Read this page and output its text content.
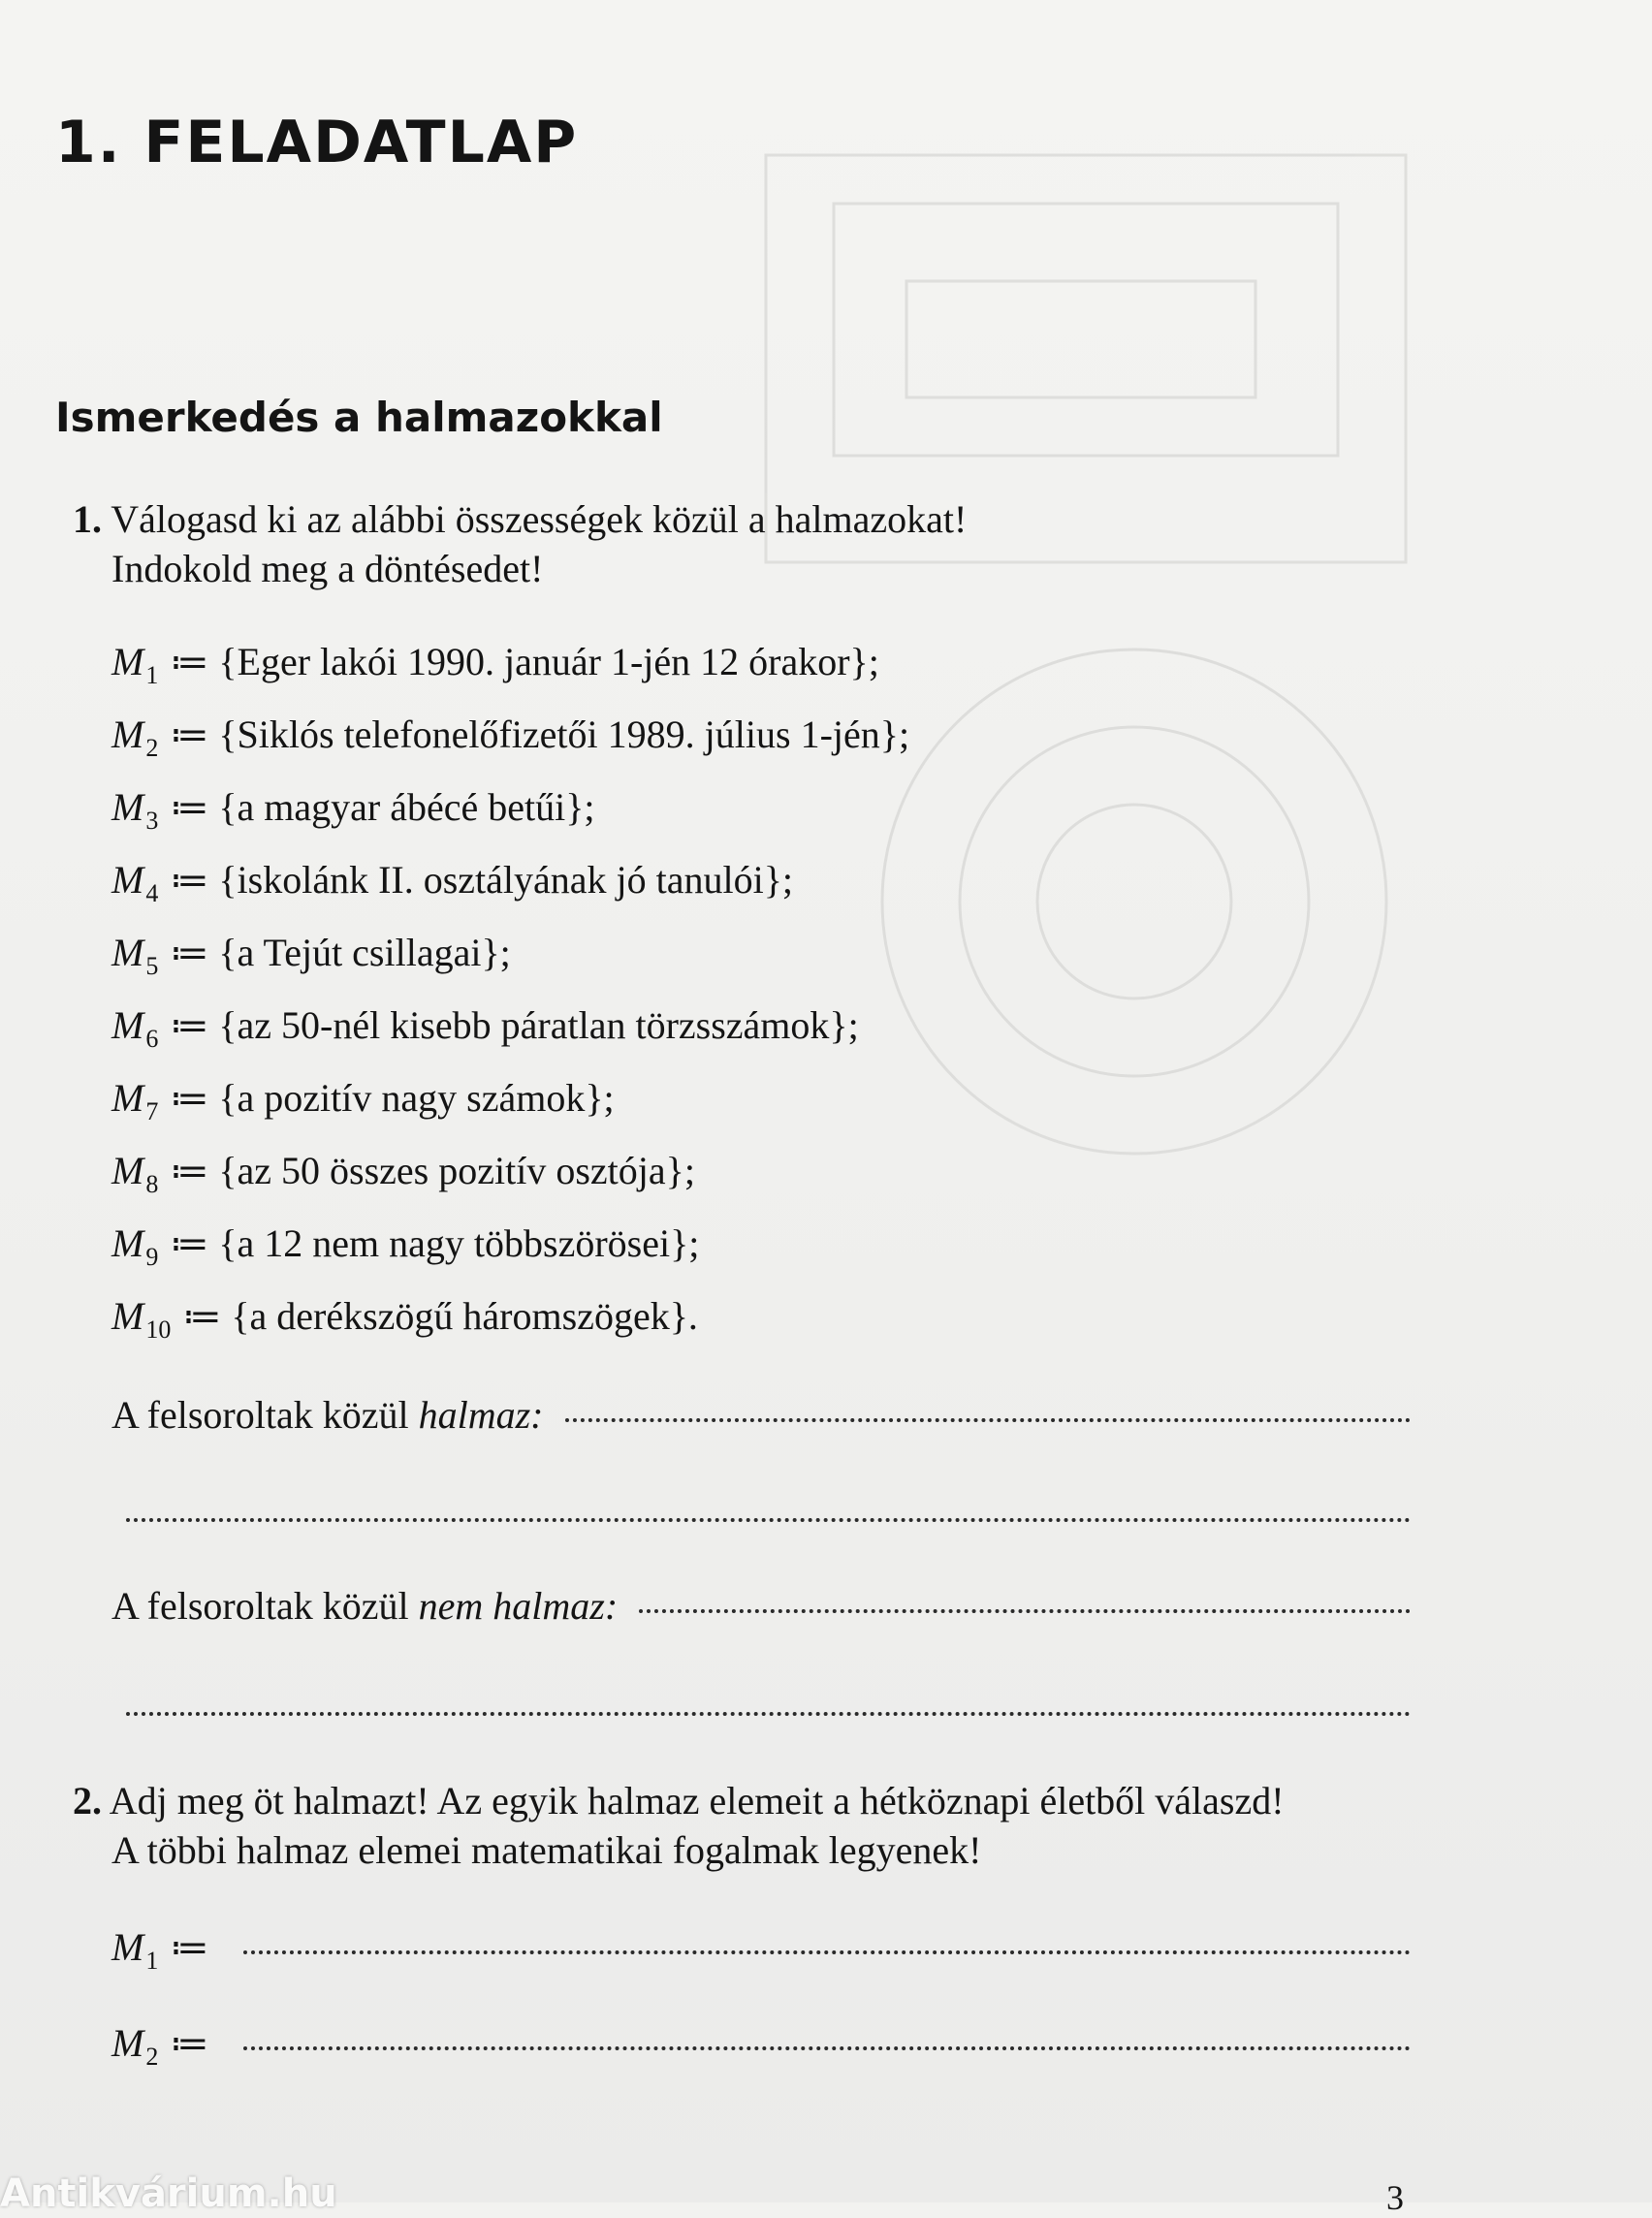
1. FELADATLAP
Ismerkedés a halmazokkal
1. Válogasd ki az alábbi összességek közül a halmazokat!
Indokold meg a döntésedet!
$M_1$ ≔ {Eger lakói 1990. január 1-jén 12 órakor};
$M_2$ ≔ {Siklós telefonelőfizetői 1989. július 1-jén};
$M_3$ ≔ {a magyar ábécé betűi};
$M_4$ ≔ {iskolánk II. osztályának jó tanulói};
$M_5$ ≔ {a Tejút csillagai};
$M_6$ ≔ {az 50-nél kisebb páratlan törzsszámok};
$M_7$ ≔ {a pozitív nagy számok};
$M_8$ ≔ {az 50 összes pozitív osztója};
$M_9$ ≔ {a 12 nem nagy többszörösei};
$M_{10}$ ≔ {a derékszögű háromszögek}.
A felsoroltak közül halmaz:
A felsoroltak közül nem halmaz:
2. Adj meg öt halmazt! Az egyik halmaz elemeit a hétköznapi életből válaszd!
A többi halmaz elemei matematikai fogalmak legyenek!
$M_1$ ≔
$M_2$ ≔
Antikvárium.hu	3
